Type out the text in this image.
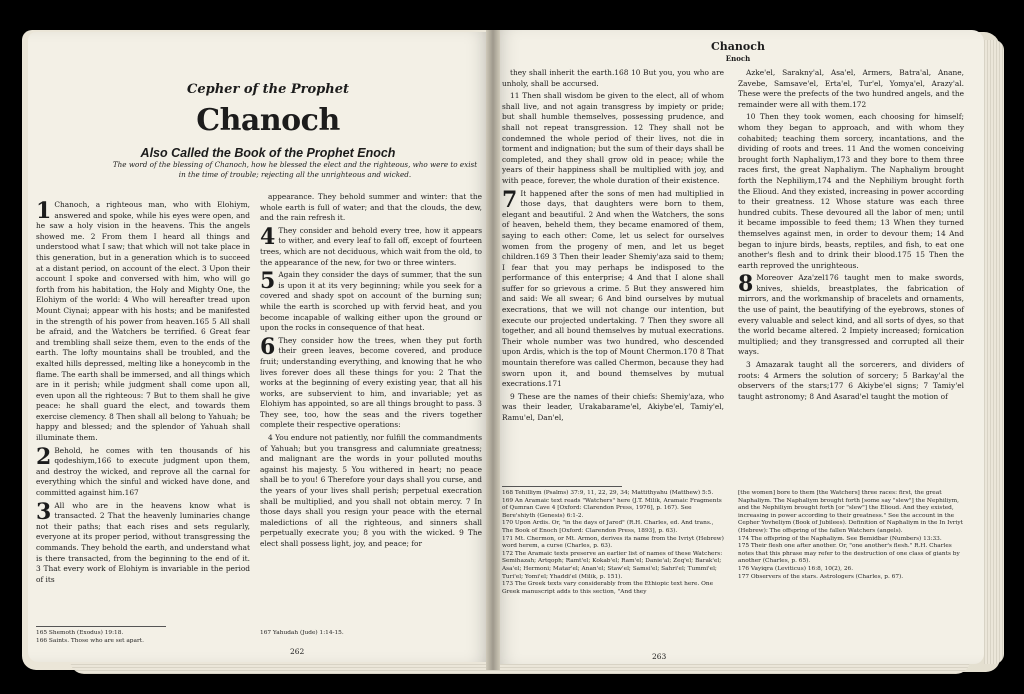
Cepher of the Prophet
Chanoch
Also Called the Book of the Prophet Enoch
The word of the blessing of Chanoch, how he blessed the elect and the righteous, who were to exist in the time of trouble; rejecting all the unrighteous and wicked.

1 Chanoch, a righteous man, who with Elohiym, answered and spoke, while his eyes were open, and he saw a holy vision in the heavens. This the angels showed me. 2 From them I heard all things and understood what I saw; that which will not take place in this generation, but in a generation which is to succeed at a distant period, on account of the elect. 3 Upon their account I spoke and conversed with him, who will go forth from his habitation, the Holy and Mighty One, the Elohiym of the world: 4 Who will hereafter tread upon Mount Ciynai; appear with his hosts; and be manifested in the strength of his power from heaven.165 5 All shall be afraid, and the Watchers be terrified. 6 Great fear and trembling shall seize them, even to the ends of the earth. The lofty mountains shall be troubled, and the exalted hills depressed, melting like a honeycomb in the flame. The earth shall be immersed, and all things which are in it perish; while judgment shall come upon all, even upon all the righteous: 7 But to them shall he give peace: he shall guard the elect, and towards them exercise clemency. 8 Then shall all belong to Yahuah; be happy and blessed; and the splendor of Yahuah shall illuminate them.

2 Behold, he comes with ten thousands of his qodeshiym,166 to execute judgment upon them, and destroy the wicked, and reprove all the carnal for everything which the sinful and wicked have done, and committed against him.167

3 All who are in the heavens know what is transacted. 2 That the heavenly luminaries change not their paths; that each rises and sets regularly, everyone at its proper period, without transgressing the commands. They behold the earth, and understand what is there transacted, from the beginning to the end of it. 3 That every work of Elohiym is invariable in the period of its

appearance. They behold summer and winter: that the whole earth is full of water; and that the clouds, the dew, and the rain refresh it.

4 They consider and behold every tree, how it appears to wither, and every leaf to fall off, except of fourteen trees, which are not deciduous, which wait from the old, to the appearance of the new, for two or three winters.

5 Again they consider the days of summer, that the sun is upon it at its very beginning; while you seek for a covered and shady spot on account of the burning sun; while the earth is scorched up with fervid heat, and you become incapable of walking either upon the ground or upon the rocks in consequence of that heat.

6 They consider how the trees, when they put forth their green leaves, become covered, and produce fruit; understanding everything, and knowing that he who lives forever does all these things for you: 2 That the works at the beginning of every existing year, that all his works, are subservient to him, and invariable; yet as Elohiym has appointed, so are all things brought to pass. 3 They see, too, how the seas and the rivers together complete their respective operations:

4 You endure not patiently, nor fulfill the commandments of Yahuah; but you transgress and calumniate greatness; and malignant are the words in your polluted mouths against his majesty. 5 You withered in heart; no peace shall be to you! 6 Therefore your days shall you curse, and the years of your lives shall perish; perpetual execration shall be multiplied, and you shall not obtain mercy. 7 In those days shall you resign your peace with the eternal maledictions of all the righteous, and sinners shall perpetually execrate you; 8 you with the wicked. 9 The elect shall possess light, joy, and peace; for

165 Shemoth (Exodus) 19:18.
166 Saints. Those who are set apart.
167 Yahudah (Jude) 1:14-15.
262
Chanoch
Enoch

they shall inherit the earth.168 10 But you, you who are unholy, shall be accursed.

11 Then shall wisdom be given to the elect, all of whom shall live, and not again transgress by impiety or pride; but shall humble themselves, possessing prudence, and shall not repeat transgression. 12 They shall not be condemned the whole period of their lives, not die in torment and indignation; but the sum of their days shall be completed, and they shall grow old in peace; while the years of their happiness shall be multiplied with joy, and with peace, forever, the whole duration of their existence.

7 It happened after the sons of men had multiplied in those days, that daughters were born to them, elegant and beautiful. 2 And when the Watchers, the sons of heaven, beheld them, they became enamored of them, saying to each other: Come, let us select for ourselves women from the progeny of men, and let us beget children.169 3 Then their leader Shemiy'aza said to them; I fear that you may perhaps be indisposed to the performance of this enterprise; 4 And that I alone shall suffer for so grievous a crime. 5 But they answered him and said: We all swear; 6 And bind ourselves by mutual execrations, that we will not change our intention, but execute our projected undertaking. 7 Then they swore all together, and all bound themselves by mutual execrations. Their whole number was two hundred, who descended upon Ardis, which is the top of Mount Chermon.170 8 That mountain therefore was called Chermon, because they had sworn upon it, and bound themselves by mutual execrations.171

9 These are the names of their chiefs: Shemiy'aza, who was their leader, Urakabarame'el, Akiybe'el, Tamiy'el, Ramu'el, Dan'el,

Azke'el, Sarakny'al, Asa'el, Armers, Batra'al, Anane, Zavebe, Samsave'el, Erta'el, Tur'el, Yomya'el, Arazy'al. These were the prefects of the two hundred angels, and the remainder were all with them.172

10 Then they took women, each choosing for himself; whom they began to approach, and with whom they cohabited; teaching them sorcery, incantations, and the dividing of roots and trees. 11 And the women conceiving brought forth Naphaliym,173 and they bore to them three races first, the great Naphaliym. The Naphaliym brought forth the Nephiliym,174 and the Nephiliym brought forth the Elioud. And they existed, increasing in power according to their greatness. 12 Whose stature was each three hundred cubits. These devoured all the labor of men; until it became impossible to feed them; 13 When they turned themselves against men, in order to devour them; 14 And began to injure birds, beasts, reptiles, and fish, to eat one another's flesh and to drink their blood.175 15 Then the earth reproved the unrighteous.

8 Moreover Aza'zel176 taught men to make swords, knives, shields, breastplates, the fabrication of mirrors, and the workmanship of bracelets and ornaments, the use of paint, the beautifying of the eyebrows, stones of every valuable and select kind, and all sorts of dyes, so that the world became altered. 2 Impiety increased; fornication multiplied; and they transgressed and corrupted all their ways.

3 Amazarak taught all the sorcerers, and dividers of roots: 4 Armers the solution of sorcery; 5 Barkay'al the observers of the stars;177 6 Akiybe'el signs; 7 Tamiy'el taught astronomy; 8 And Asarad'el taught the motion of

168 Tehilliym (Psalms) 37:9, 11, 22, 29, 34; Mattithyahu (Matthew) 5:5.
169 An Aramaic text reads "Watchers" here (J.T. Milik, Aramaic Fragments of Qumran Cave 4 [Oxford: Clarendon Press, 1976], p. 167). See Bere'shiyth (Genesis) 6:1-2.
170 Upon Ardis. Or, "in the days of Jared" (R.H. Charles, ed. And trans., The Book of Enoch [Oxford: Clarendon Press, 1893], p. 63).
171 Mt. Chermon, or Mt. Armon, derives its name from the Ivriyt (Hebrew) word herem, a curse (Charles, p. 63).
172 The Aramaic texts preserve an earlier list of names of these Watchers: Semihazah; Artqoph; Ramt'el; Kokab'el; Ram'el; Danie'al; Zeq'el; Barak'el; Asa'el; Hermoni; Matar'el; Anan'el; Staw'el; Samsi'el; Sahri'el; Tummi'el; Turi'el; Yomi'el; Yhaddi'el (Milik, p. 151).
173 The Greek texts vary considerably from the Ethiopic text here. One Greek manuscript adds to this section, "And they
[the women] bore to them [the Watchers] three races: first, the great Naphaliym. The Naphaliym brought forth [some say "slew"] the Nephiliym, and the Nephiliym brought forth [or "slew"] the Elioud. And they existed, increasing in power according to their greatness." See the account in the Cepher Yovheliym (Book of Jubilees). Definition of Naphaliym in the In Ivriyt (Hebrew): The offspring of the fallen Watchers (angels).
174 The offspring of the Naphaliym. See Bemidbar (Numbers) 13:33.
175 Their flesh one after another. Or, "one another's flesh." R.H. Charles notes that this phrase may refer to the destruction of one class of giants by another (Charles, p. 65).
176 Vayiqra (Leviticus) 16:8, 10(2), 26.
177 Observers of the stars. Astrologers (Charles, p. 67).
263
